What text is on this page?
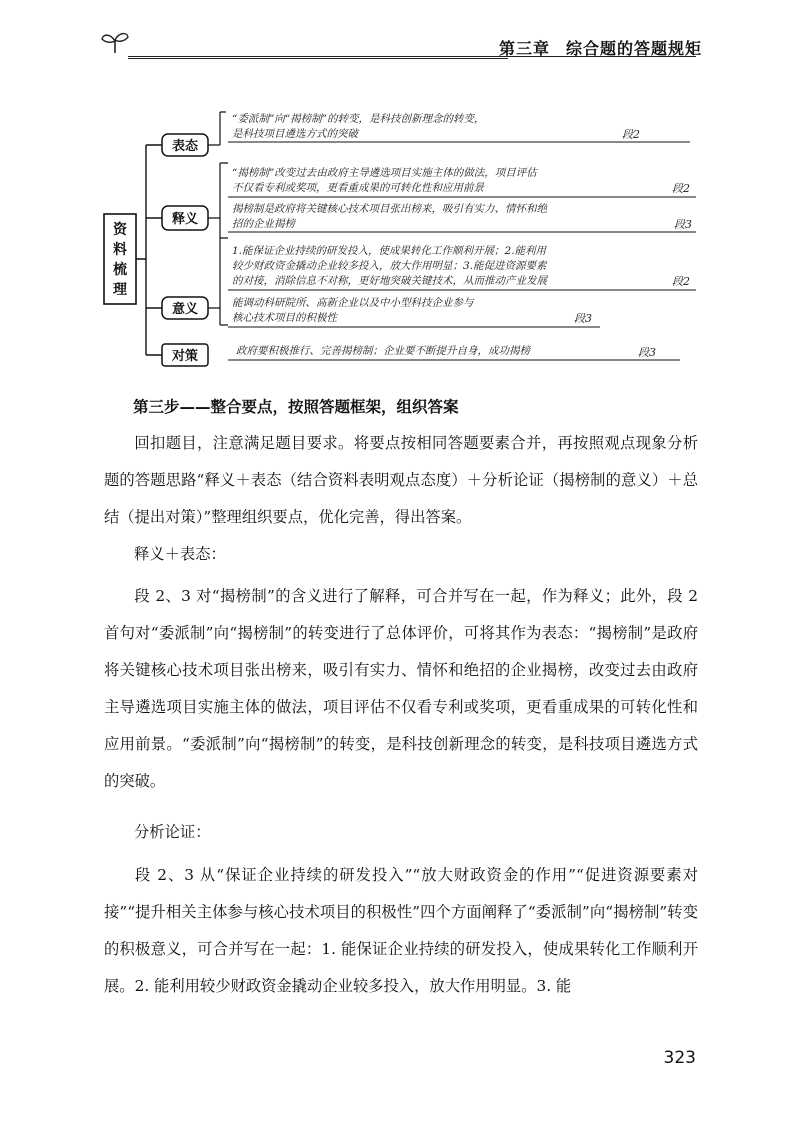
第三章 综合题的答题规矩
资
料
梳
理
表态
释义
意义
对策
“委派制”向“揭榜制”的转变，是科技创新理念的转变，
是科技项目遴选方式的突破	段2
“揭榜制”改变过去由政府主导遴选项目实施主体的做法，项目评估
不仅看专利或奖项，更看重成果的可转化性和应用前景	段2
揭榜制是政府将关键核心技术项目张出榜来，吸引有实力、情怀和绝
招的企业揭榜	段3
1.能保证企业持续的研发投入，使成果转化工作顺利开展；2.能利用
较少财政资金撬动企业较多投入，放大作用明显；3.能促进资源要素
的对接，消除信息不对称，更好地突破关键技术，从而推动产业发展	段2
能调动科研院所、高新企业以及中小型科技企业参与
核心技术项目的积极性	段3
政府要积极推行、完善揭榜制；企业要不断提升自身，成功揭榜	段3
第三步——整合要点，按照答题框架，组织答案
回扣题目，注意满足题目要求。将要点按相同答题要素合并，再按照观点现象分析题的答题思路“释义＋表态（结合资料表明观点态度）＋分析论证（揭榜制的意义）＋总结（提出对策）”整理组织要点，优化完善，得出答案。
释义＋表态：
段 2、3 对“揭榜制”的含义进行了解释，可合并写在一起，作为释义；此外，段 2 首句对“委派制”向“揭榜制”的转变进行了总体评价，可将其作为表态：“揭榜制”是政府将关键核心技术项目张出榜来，吸引有实力、情怀和绝招的企业揭榜，改变过去由政府主导遴选项目实施主体的做法，项目评估不仅看专利或奖项，更看重成果的可转化性和应用前景。“委派制”向“揭榜制”的转变，是科技创新理念的转变，是科技项目遴选方式的突破。
分析论证：
段 2、3 从“保证企业持续的研发投入”“放大财政资金的作用”“促进资源要素对接”“提升相关主体参与核心技术项目的积极性”四个方面阐释了“委派制”向“揭榜制”转变的积极意义，可合并写在一起：1. 能保证企业持续的研发投入，使成果转化工作顺利开展。2. 能利用较少财政资金撬动企业较多投入，放大作用明显。3. 能
323
